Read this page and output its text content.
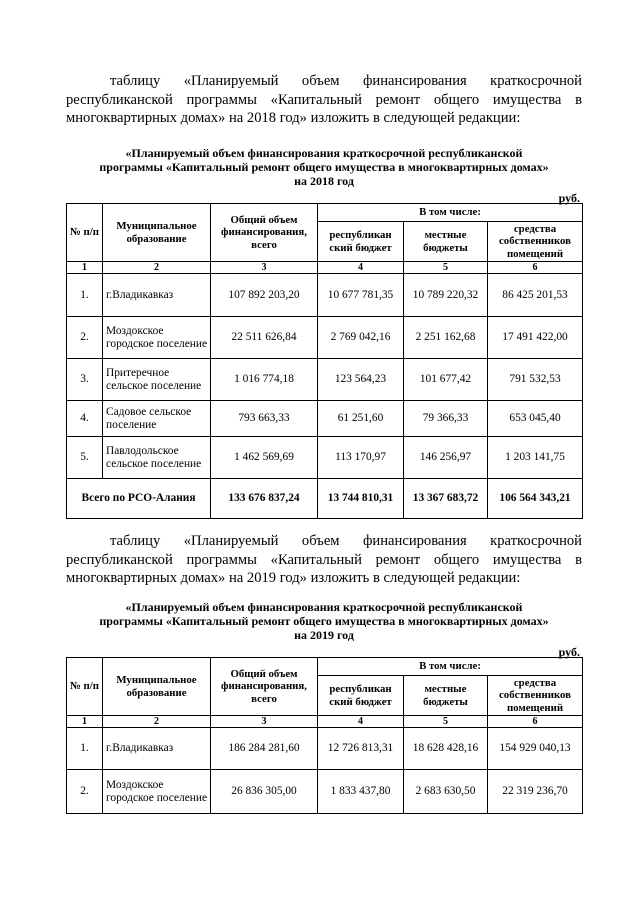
таблицу «Планируемый объем финансирования краткосрочной республиканской программы «Капитальный ремонт общего имущества в многоквартирных домах» на 2018 год» изложить в следующей редакции:
«Планируемый объем финансирования краткосрочной республиканской
программы «Капитальный ремонт общего имущества в многоквартирных домах»
на 2018 год
руб.
№ п/п	Муниципальное образование	Общий объем финансирования, всего	В том числе:		
			республикан ский бюджет	местные бюджеты	средства собственников помещений
1	2	3	4	5	6
1.	г.Владикавказ	107 892 203,20	10 677 781,35	10 789 220,32	86 425 201,53
2.	Моздокское городское поселение	22 511 626,84	2 769 042,16	2 251 162,68	17 491 422,00
3.	Притеречное сельское поселение	1 016 774,18	123 564,23	101 677,42	791 532,53
4.	Садовое сельское поселение	793 663,33	61 251,60	79 366,33	653 045,40
5.	Павлодольское сельское поселение	1 462 569,69	113 170,97	146 256,97	1 203 141,75
Всего по РСО-Алания		133 676 837,24	13 744 810,31	13 367 683,72	106 564 343,21
таблицу «Планируемый объем финансирования краткосрочной республиканской программы «Капитальный ремонт общего имущества в многоквартирных домах» на 2019 год» изложить в следующей редакции:
«Планируемый объем финансирования краткосрочной республиканской
программы «Капитальный ремонт общего имущества в многоквартирных домах»
на 2019 год
руб.
№ п/п	Муниципальное образование	Общий объем финансирования, всего	В том числе:		
			республикан ский бюджет	местные бюджеты	средства собственников помещений
1	2	3	4	5	6
1.	г.Владикавказ	186 284 281,60	12 726 813,31	18 628 428,16	154 929 040,13
2.	Моздокское городское поселение	26 836 305,00	1 833 437,80	2 683 630,50	22 319 236,70
